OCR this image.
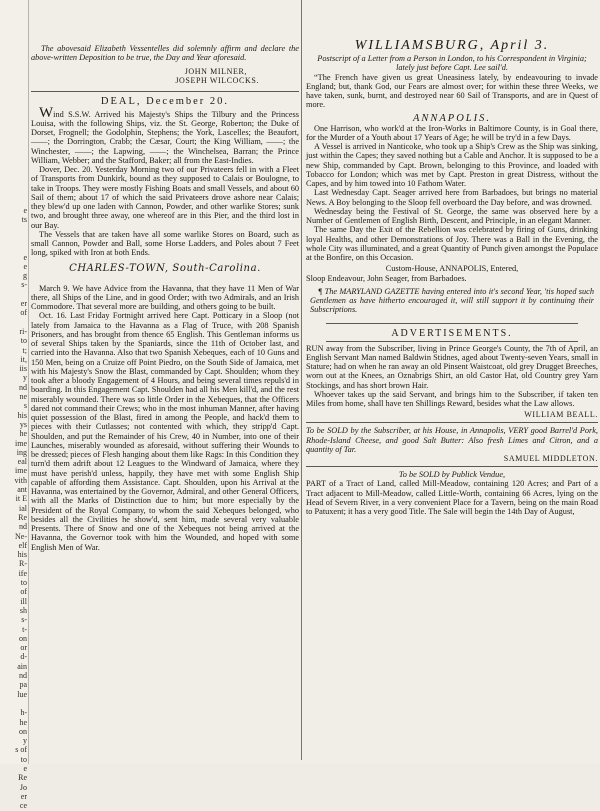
e
ts
e
e
g
s-
er
of
ri-
to
t;
it,
iis
y
nd
ne
s
his
ys
he
ime
ing
eal
ime
vith
ant
it E
ial
Re
nd
Ne-
elf
his
R-
ife
to
of
ill
sh
s-
t-
on
or
d-
ain
nd
pa
lue
h-
he
on
y
s of
to
e
Re
Jo
er
ce

The abovesaid Elizabeth Vessentelles did solemnly affirm and declare the above-written Deposition to be true, the Day and Year aforesaid.

JOHN MILNER,

JOSEPH WILCOCKS.

DEAL, December 20.

Wind S.S.W. Arrived his Majesty's Ships the Tilbury and the Princess Louisa, with the following Ships, viz. the St. George, Roberton; the Duke of Dorset, Frognell; the Godolphin, Stephens; the York, Lascelles; the Beaufort, ——; the Dorrington, Crabb; the Cæsar, Court; the King William, ——; the Winchester, ——; the Lapwing, ——; the Winchelsea, Barran; the Prince William, Webber; and the Stafford, Baker; all from the East-Indies.

Dover, Dec. 20. Yesterday Morning two of our Privateers fell in with a Fleet of Transports from Dunkirk, bound as they supposed to Calais or Boulogne, to take in Troops. They were mostly Fishing Boats and small Vessels, and about 60 Sail of them; about 17 of which the said Privateers drove ashore near Calais; they blew'd up one laden with Cannon, Powder, and other warlike Stores; sunk two, and brought three away, one whereof are in this Pier, and the third lost in our Bay.

The Vessels that are taken have all some warlike Stores on Board, such as small Cannon, Powder and Ball, some Horse Ladders, and Poles about 7 Feet long, spiked with Iron at both Ends.

CHARLES-TOWN, South-Carolina.

March 9. We have Advice from the Havanna, that they have 11 Men of War there, all Ships of the Line, and in good Order; with two Admirals, and an Irish Commodore. That several more are building, and others going to be built.

Oct. 16. Last Friday Fortnight arrived here Capt. Potticary in a Sloop (not lately from Jamaica to the Havanna as a Flag of Truce, with 208 Spanish Prisoners, and has brought from thence 65 English. This Gentleman informs us of several Ships taken by the Spaniards, since the 11th of October last, and carried into the Havanna. Also that two Spanish Xebeques, each of 10 Guns and 150 Men, being on a Cruize off Point Piedro, on the South Side of Jamaica, met with his Majesty's Snow the Blast, commanded by Capt. Shoulden; whom they took after a bloody Engagement of 4 Hours, and being several times repuls'd in boarding. In this Engagement Capt. Shoulden had all his Men kill'd, and the rest miserably wounded. There was so little Order in the Xebeques, that the Officers dared not command their Crews; who in the most inhuman Manner, after having quiet possession of the Blast, fired in among the People, and hack'd them to pieces with their Cutlasses; not contented with which, they stripp'd Capt. Shoulden, and put the Remainder of his Crew, 40 in Number, into one of their Launches, miserably wounded as aforesaid, without suffering their Wounds to be dressed; pieces of Flesh hanging about them like Rags: In this Condition they turn'd them adrift about 12 Leagues to the Windward of Jamaica, where they must have perish'd unless, happily, they have met with some English Ship capable of affording them Assistance. Capt. Shoulden, upon his Arrival at the Havanna, was entertained by the Governor, Admiral, and other General Officers, with all the Marks of Distinction due to him; but more especially by the President of the Royal Company, to whom the said Xebeques belonged, who besides all the Civilities he show'd, sent him, made several very valuable Presents. There of Snow and one of the Xebeques not being arrived at the Havanna, the Governor took with him the Wounded, and hoped with some English Men of War.

WILLIAMSBURG, April 3.

Postscript of a Letter from a Person in London, to his Correspondent in Virginia; lately just before Capt. Lee sail'd.

“The French have given us great Uneasiness lately, by endeavouring to invade England; but, thank God, our Fears are almost over; for within these three Weeks, we have taken, sunk, burnt, and destroyed near 60 Sail of Transports, and are in Quest of more.

ANNAPOLIS.

One Harrison, who work'd at the Iron-Works in Baltimore County, is in Goal there, for the Murder of a Youth about 17 Years of Age; he will be try'd in a few Days.

A Vessel is arrived in Nanticoke, who took up a Ship's Crew as the Ship was sinking, just within the Capes; they saved nothing but a Cable and Anchor. It is supposed to be a new Ship, commanded by Capt. Brown, belonging to this Province, and loaded with Tobacco for London; which was met by Capt. Preston in great Distress, without the Capes, and by him towed into 10 Fathom Water.

Last Wednesday Capt. Seager arrived here from Barbadoes, but brings no material News. A Boy belonging to the Sloop fell overboard the Day before, and was drowned.

Wednesday being the Festival of St. George, the same was observed here by a Number of Gentlemen of English Birth, Descent, and Principle, in an elegant Manner.

The same Day the Exit of the Rebellion was celebrated by firing of Guns, drinking loyal Healths, and other Demonstrations of Joy. There was a Ball in the Evening, the whole City was illuminated, and a great Quantity of Punch given amongst the Populace at the Bonfire, on this Occasion.

Custom-House, ANNAPOLIS, Entered,

Sloop Endeavour, John Seager, from Barbadoes.

¶ The MARYLAND GAZETTE having entered into it's second Year, 'tis hoped such Gentlemen as have hitherto encouraged it, will still support it by continuing their Subscriptions.

ADVERTISEMENTS.

RUN away from the Subscriber, living in Prince George's County, the 7th of April, an English Servant Man named Baldwin Stidnes, aged about Twenty-seven Years, small in Stature; had on when he ran away an old Pinsent Waistcoat, old grey Drugget Breeches, worn out at the Knees, an Oznabrigs Shirt, an old Castor Hat, old Country grey Yarn Stockings, and has short brown Hair.

Whoever takes up the said Servant, and brings him to the Subscriber, if taken ten Miles from home, shall have ten Shillings Reward, besides what the Law allows.

WILLIAM BEALL.

To be SOLD by the Subscriber, at his House, in Annapolis, VERY good Barrel'd Pork, Rhode-Island Cheese, and good Salt Butter: Also fresh Limes and Citron, and a quantity of Tar.

SAMUEL MIDDLETON.

To be SOLD by Publick Vendue,

PART of a Tract of Land, called Mill-Meadow, containing 120 Acres; and Part of a Tract adjacent to Mill-Meadow, called Little-Worth, containing 66 Acres, lying on the Head of Severn River, in a very convenient Place for a Tavern, being on the main Road to Patuxent; it has a very good Title. The Sale will begin the 14th Day of August,
